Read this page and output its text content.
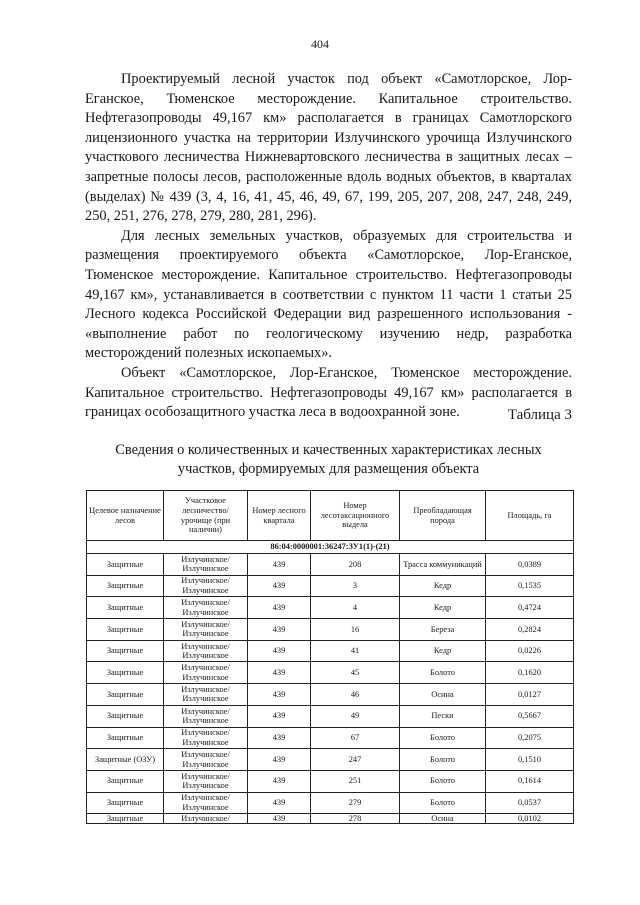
404

Проектируемый лесной участок под объект «Самотлорское, Лор-Еганское, Тюменское месторождение. Капитальное строительство. Нефтегазопроводы 49,167 км» располагается в границах Самотлорского лицензионного участка на территории Излучинского урочища Излучинского участкового лесничества Нижневартовского лесничества в защитных лесах – запретные полосы лесов, расположенные вдоль водных объектов, в кварталах (выделах) № 439 (3, 4, 16, 41, 45, 46, 49, 67, 199, 205, 207, 208, 247, 248, 249, 250, 251, 276, 278, 279, 280, 281, 296).

Для лесных земельных участков, образуемых для строительства и размещения проектируемого объекта «Самотлорское, Лор-Еганское, Тюменское месторождение. Капитальное строительство. Нефтегазопроводы 49,167 км», устанавливается в соответствии с пунктом 11 части 1 статьи 25 Лесного кодекса Российской Федерации вид разрешенного использования - «выполнение работ по геологическому изучению недр, разработка месторождений полезных ископаемых».

Объект «Самотлорское, Лор-Еганское, Тюменское месторождение. Капитальное строительство. Нефтегазопроводы 49,167 км» располагается в границах особозащитного участка леса в водоохранной зоне.	Таблица 3
Сведения о количественных и качественных характеристиках лесных участков, формируемых для размещения объекта
Целевое назначение лесов	Участковое лесничество/ урочище (при наличии)	Номер лесного квартала	Номер лесотаксационного выдела	Преобладающая порода	Площадь, га
86:04:0000001:36247:ЗУ1(1)-(21)					
Защитные	Излучинское/ Излучинское	439	208	Трасса коммуникаций	0,0389
Защитные	Излучинское/ Излучинское	439	3	Кедр	0,1535
Защитные	Излучинское/ Излучинское	439	4	Кедр	0,4724
Защитные	Излучинское/ Излучинское	439	16	Береза	0,2824
Защитные	Излучинское/ Излучинское	439	41	Кедр	0,0226
Защитные	Излучинское/ Излучинское	439	45	Болото	0,1620
Защитные	Излучинское/ Излучинское	439	46	Осина	0,0127
Защитные	Излучинское/ Излучинское	439	49	Пески	0,5667
Защитные	Излучинское/ Излучинское	439	67	Болото	0,2075
Защитные (ОЗУ)	Излучинское/ Излучинское	439	247	Болото	0,1510
Защитные	Излучинское/ Излучинское	439	251	Болото	0,1614
Защитные	Излучинское/ Излучинское	439	279	Болото	0,0537
Защитные	Излучинское/	439	278	Осина	0,0102
